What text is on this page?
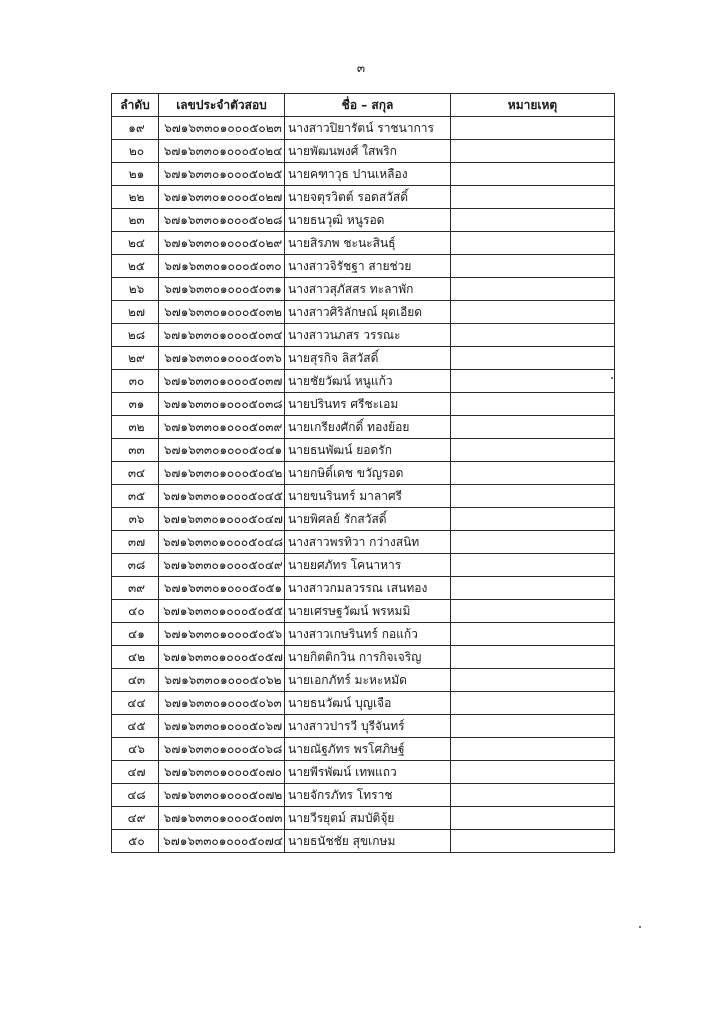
๓
ลำดับ	เลขประจำตัวสอบ	ชื่อ – สกุล	หมายเหตุ
๑๙	๖๗๑๖๓๓๐๑๐๐๐๕๐๒๓	นางสาวปิยารัตน์ ราชนาการ	
๒๐	๖๗๑๖๓๓๐๑๐๐๐๕๐๒๔	นายพัฒนพงศ์ ใสพริก	
๒๑	๖๗๑๖๓๓๐๑๐๐๐๕๐๒๕	นายคฑาวุธ ปานเหลือง	
๒๒	๖๗๑๖๓๓๐๑๐๐๐๕๐๒๗	นายจตุรวิตต์ รอดสวัสดิ์	
๒๓	๖๗๑๖๓๓๐๑๐๐๐๕๐๒๘	นายธนวุฒิ หนูรอด	
๒๔	๖๗๑๖๓๓๐๑๐๐๐๕๐๒๙	นายสิรภพ ชะนะสินธุ์	
๒๕	๖๗๑๖๓๓๐๑๐๐๐๕๐๓๐	นางสาวจิรัชฐา สายช่วย	
๒๖	๖๗๑๖๓๓๐๑๐๐๐๕๐๓๑	นางสาวสุภัสสร ทะลาพัก	
๒๗	๖๗๑๖๓๓๐๑๐๐๐๕๐๓๒	นางสาวศิริลักษณ์ ผุดเอียด	
๒๘	๖๗๑๖๓๓๐๑๐๐๐๕๐๓๔	นางสาวนภสร วรรณะ	
๒๙	๖๗๑๖๓๓๐๑๐๐๐๕๐๓๖	นายสุรกิจ ลิสวัสดิ์	
๓๐	๖๗๑๖๓๓๐๑๐๐๐๕๐๓๗	นายชัยวัฒน์ หนูแก้ว	
๓๑	๖๗๑๖๓๓๐๑๐๐๐๕๐๓๘	นายปรินทร ศรีชะเอม	
๓๒	๖๗๑๖๓๓๐๑๐๐๐๕๐๓๙	นายเกรียงศักดิ์ ทองย้อย	
๓๓	๖๗๑๖๓๓๐๑๐๐๐๕๐๔๑	นายธนพัฒน์ ยอดรัก	
๓๔	๖๗๑๖๓๓๐๑๐๐๐๕๐๔๒	นายกษิดิ์เดช ขวัญรอด	
๓๕	๖๗๑๖๓๓๐๑๐๐๐๕๐๔๕	นายขนรินทร์ มาลาศรี	
๓๖	๖๗๑๖๓๓๐๑๐๐๐๕๐๔๗	นายพิศลย์ รักสวัสดิ์	
๓๗	๖๗๑๖๓๓๐๑๐๐๐๕๐๔๘	นางสาวพรทิวา กว่างสนิท	
๓๘	๖๗๑๖๓๓๐๑๐๐๐๕๐๔๙	นายยศภัทร โคนาหาร	
๓๙	๖๗๑๖๓๓๐๑๐๐๐๕๐๕๑	นางสาวกมลวรรณ เสนทอง	
๔๐	๖๗๑๖๓๓๐๑๐๐๐๕๐๕๕	นายเศรษฐวัฒน์ พรหมมิ	
๔๑	๖๗๑๖๓๓๐๑๐๐๐๕๐๕๖	นางสาวเกษรินทร์ กอแก้ว	
๔๒	๖๗๑๖๓๓๐๑๐๐๐๕๐๕๗	นายกิตติกวิน การกิจเจริญ	
๔๓	๖๗๑๖๓๓๐๑๐๐๐๕๐๖๒	นายเอกภัทร์ มะหะหมัด	
๔๔	๖๗๑๖๓๓๐๑๐๐๐๕๐๖๓	นายธนวัฒน์ บุญเจือ	
๔๕	๖๗๑๖๓๓๐๑๐๐๐๕๐๖๗	นางสาวปารวี บุรีจันทร์	
๔๖	๖๗๑๖๓๓๐๑๐๐๐๕๐๖๘	นายณัฐภัทร พรโศภิษฐ์	
๔๗	๖๗๑๖๓๓๐๑๐๐๐๕๐๗๐	นายพีรพัฒน์ เทพแถว	
๔๘	๖๗๑๖๓๓๐๑๐๐๐๕๐๗๒	นายจักรภัทร โทราช	
๔๙	๖๗๑๖๓๓๐๑๐๐๐๕๐๗๓	นายวีรยุตม์ สมบัติจุ้ย	
๕๐	๖๗๑๖๓๓๐๑๐๐๐๕๐๗๔	นายธนัชชัย สุขเกษม	
